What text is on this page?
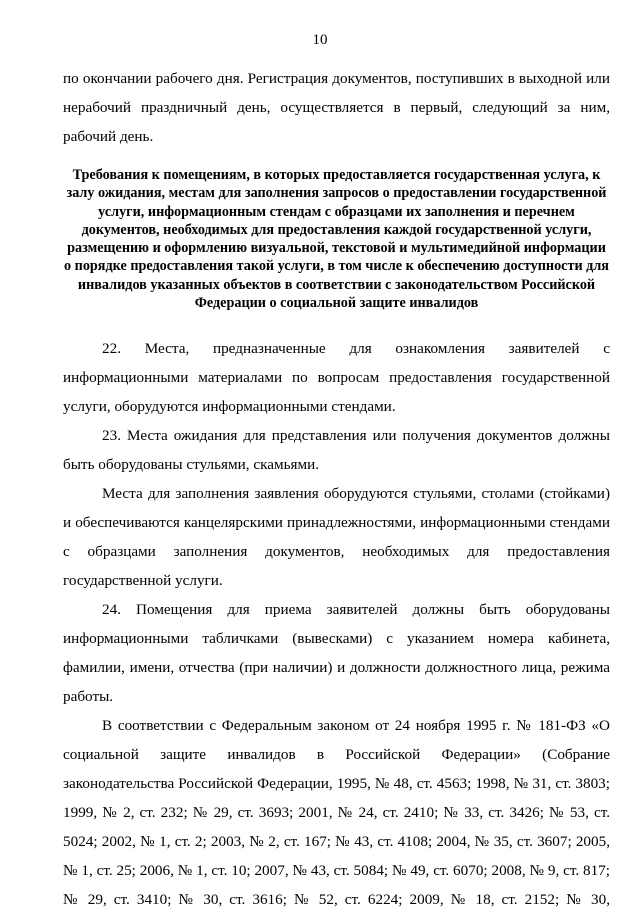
10
по окончании рабочего дня. Регистрация документов, поступивших в выходной или
нерабочий праздничный день, осуществляется в первый, следующий за ним,
рабочий день.

Требования к помещениям, в которых предоставляется государственная услуга, к залу ожидания, местам для заполнения запросов о предоставлении государственной услуги, информационным стендам с образцами их заполнения и перечнем документов, необходимых для предоставления каждой государственной услуги, размещению и оформлению визуальной, текстовой и мультимедийной информации о порядке предоставления такой услуги, в том числе к обеспечению доступности для инвалидов указанных объектов в соответствии с законодательством Российской Федерации о социальной защите инвалидов

22. Места, предназначенные для ознакомления заявителей с информационными материалами по вопросам предоставления государственной услуги, оборудуются информационными стендами.

23. Места ожидания для представления или получения документов должны быть оборудованы стульями, скамьями.

Места для заполнения заявления оборудуются стульями, столами (стойками) и обеспечиваются канцелярскими принадлежностями, информационными стендами с образцами заполнения документов, необходимых для предоставления государственной услуги.

24. Помещения для приема заявителей должны быть оборудованы информационными табличками (вывесками) с указанием номера кабинета, фамилии, имени, отчества (при наличии) и должности должностного лица, режима работы.

В соответствии с Федеральным законом от 24 ноября 1995 г. № 181-ФЗ «О социальной защите инвалидов в Российской Федерации» (Собрание законодательства Российской Федерации, 1995, № 48, ст. 4563; 1998, № 31, ст. 3803; 1999, № 2, ст. 232; № 29, ст. 3693; 2001, № 24, ст. 2410; № 33, ст. 3426; № 53, ст. 5024; 2002, № 1, ст. 2; 2003, № 2, ст. 167; № 43, ст. 4108; 2004, № 35, ст. 3607; 2005, № 1, ст. 25; 2006, № 1, ст. 10; 2007, № 43, ст. 5084; № 49, ст. 6070; 2008, № 9, ст. 817; № 29, ст. 3410; № 30, ст. 3616; № 52, ст. 6224; 2009, № 18, ст. 2152; № 30,
